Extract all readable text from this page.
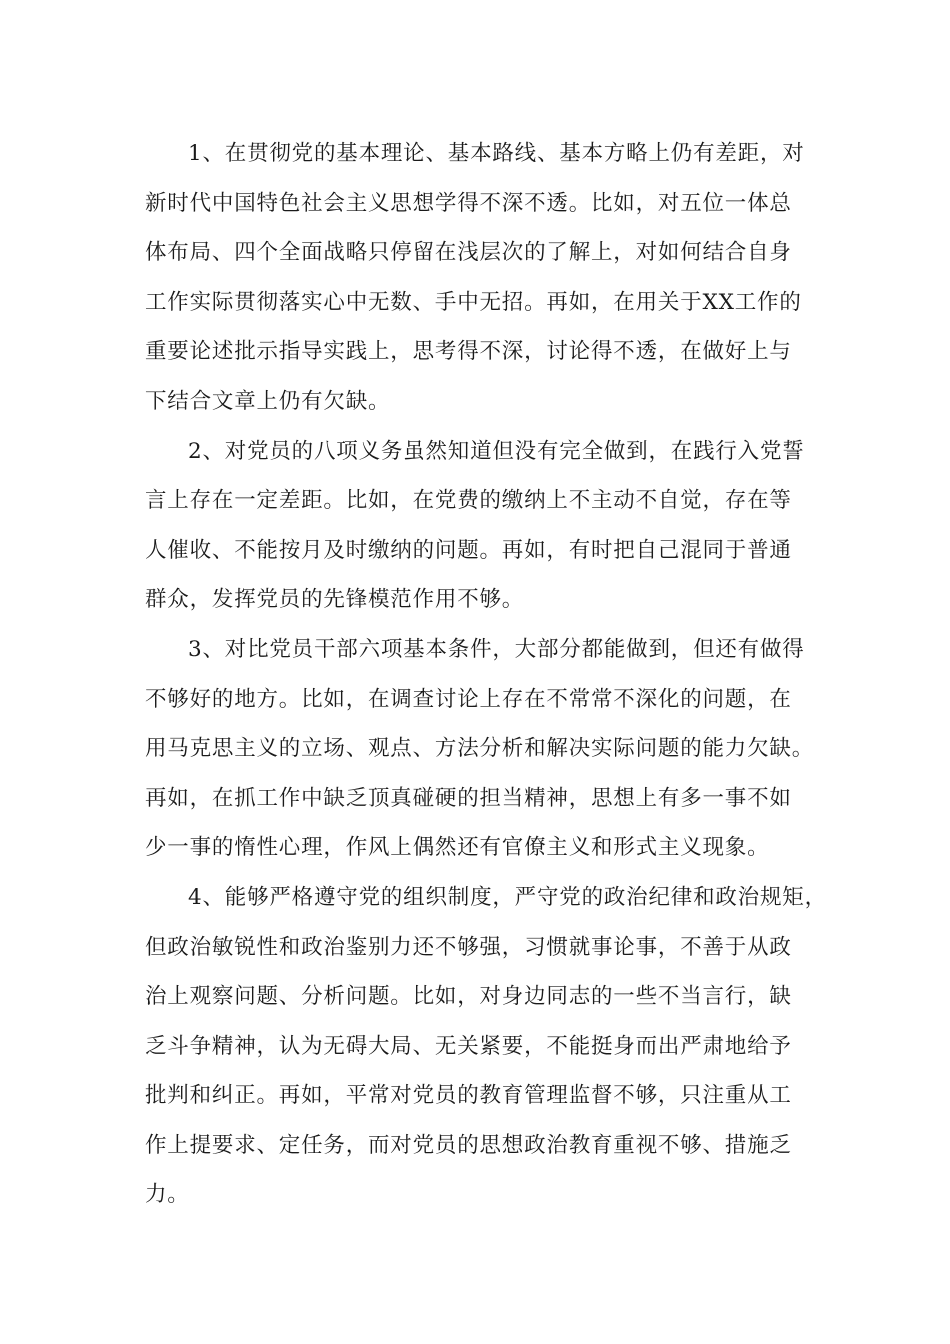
1、在贯彻党的基本理论、基本路线、基本方略上仍有差距，对
新时代中国特色社会主义思想学得不深不透。比如，对五位一体总
体布局、四个全面战略只停留在浅层次的了解上，对如何结合自身
工作实际贯彻落实心中无数、手中无招。再如，在用关于XX工作的
重要论述批示指导实践上，思考得不深，讨论得不透，在做好上与
下结合文章上仍有欠缺。
2、对党员的八项义务虽然知道但没有完全做到，在践行入党誓
言上存在一定差距。比如，在党费的缴纳上不主动不自觉，存在等
人催收、不能按月及时缴纳的问题。再如，有时把自己混同于普通
群众，发挥党员的先锋模范作用不够。
3、对比党员干部六项基本条件，大部分都能做到，但还有做得
不够好的地方。比如，在调查讨论上存在不常常不深化的问题，在
用马克思主义的立场、观点、方法分析和解决实际问题的能力欠缺。
再如，在抓工作中缺乏顶真碰硬的担当精神，思想上有多一事不如
少一事的惰性心理，作风上偶然还有官僚主义和形式主义现象。
4、能够严格遵守党的组织制度，严守党的政治纪律和政治规矩，
但政治敏锐性和政治鉴别力还不够强，习惯就事论事，不善于从政
治上观察问题、分析问题。比如，对身边同志的一些不当言行，缺
乏斗争精神，认为无碍大局、无关紧要，不能挺身而出严肃地给予
批判和纠正。再如，平常对党员的教育管理监督不够，只注重从工
作上提要求、定任务，而对党员的思想政治教育重视不够、措施乏
力。
